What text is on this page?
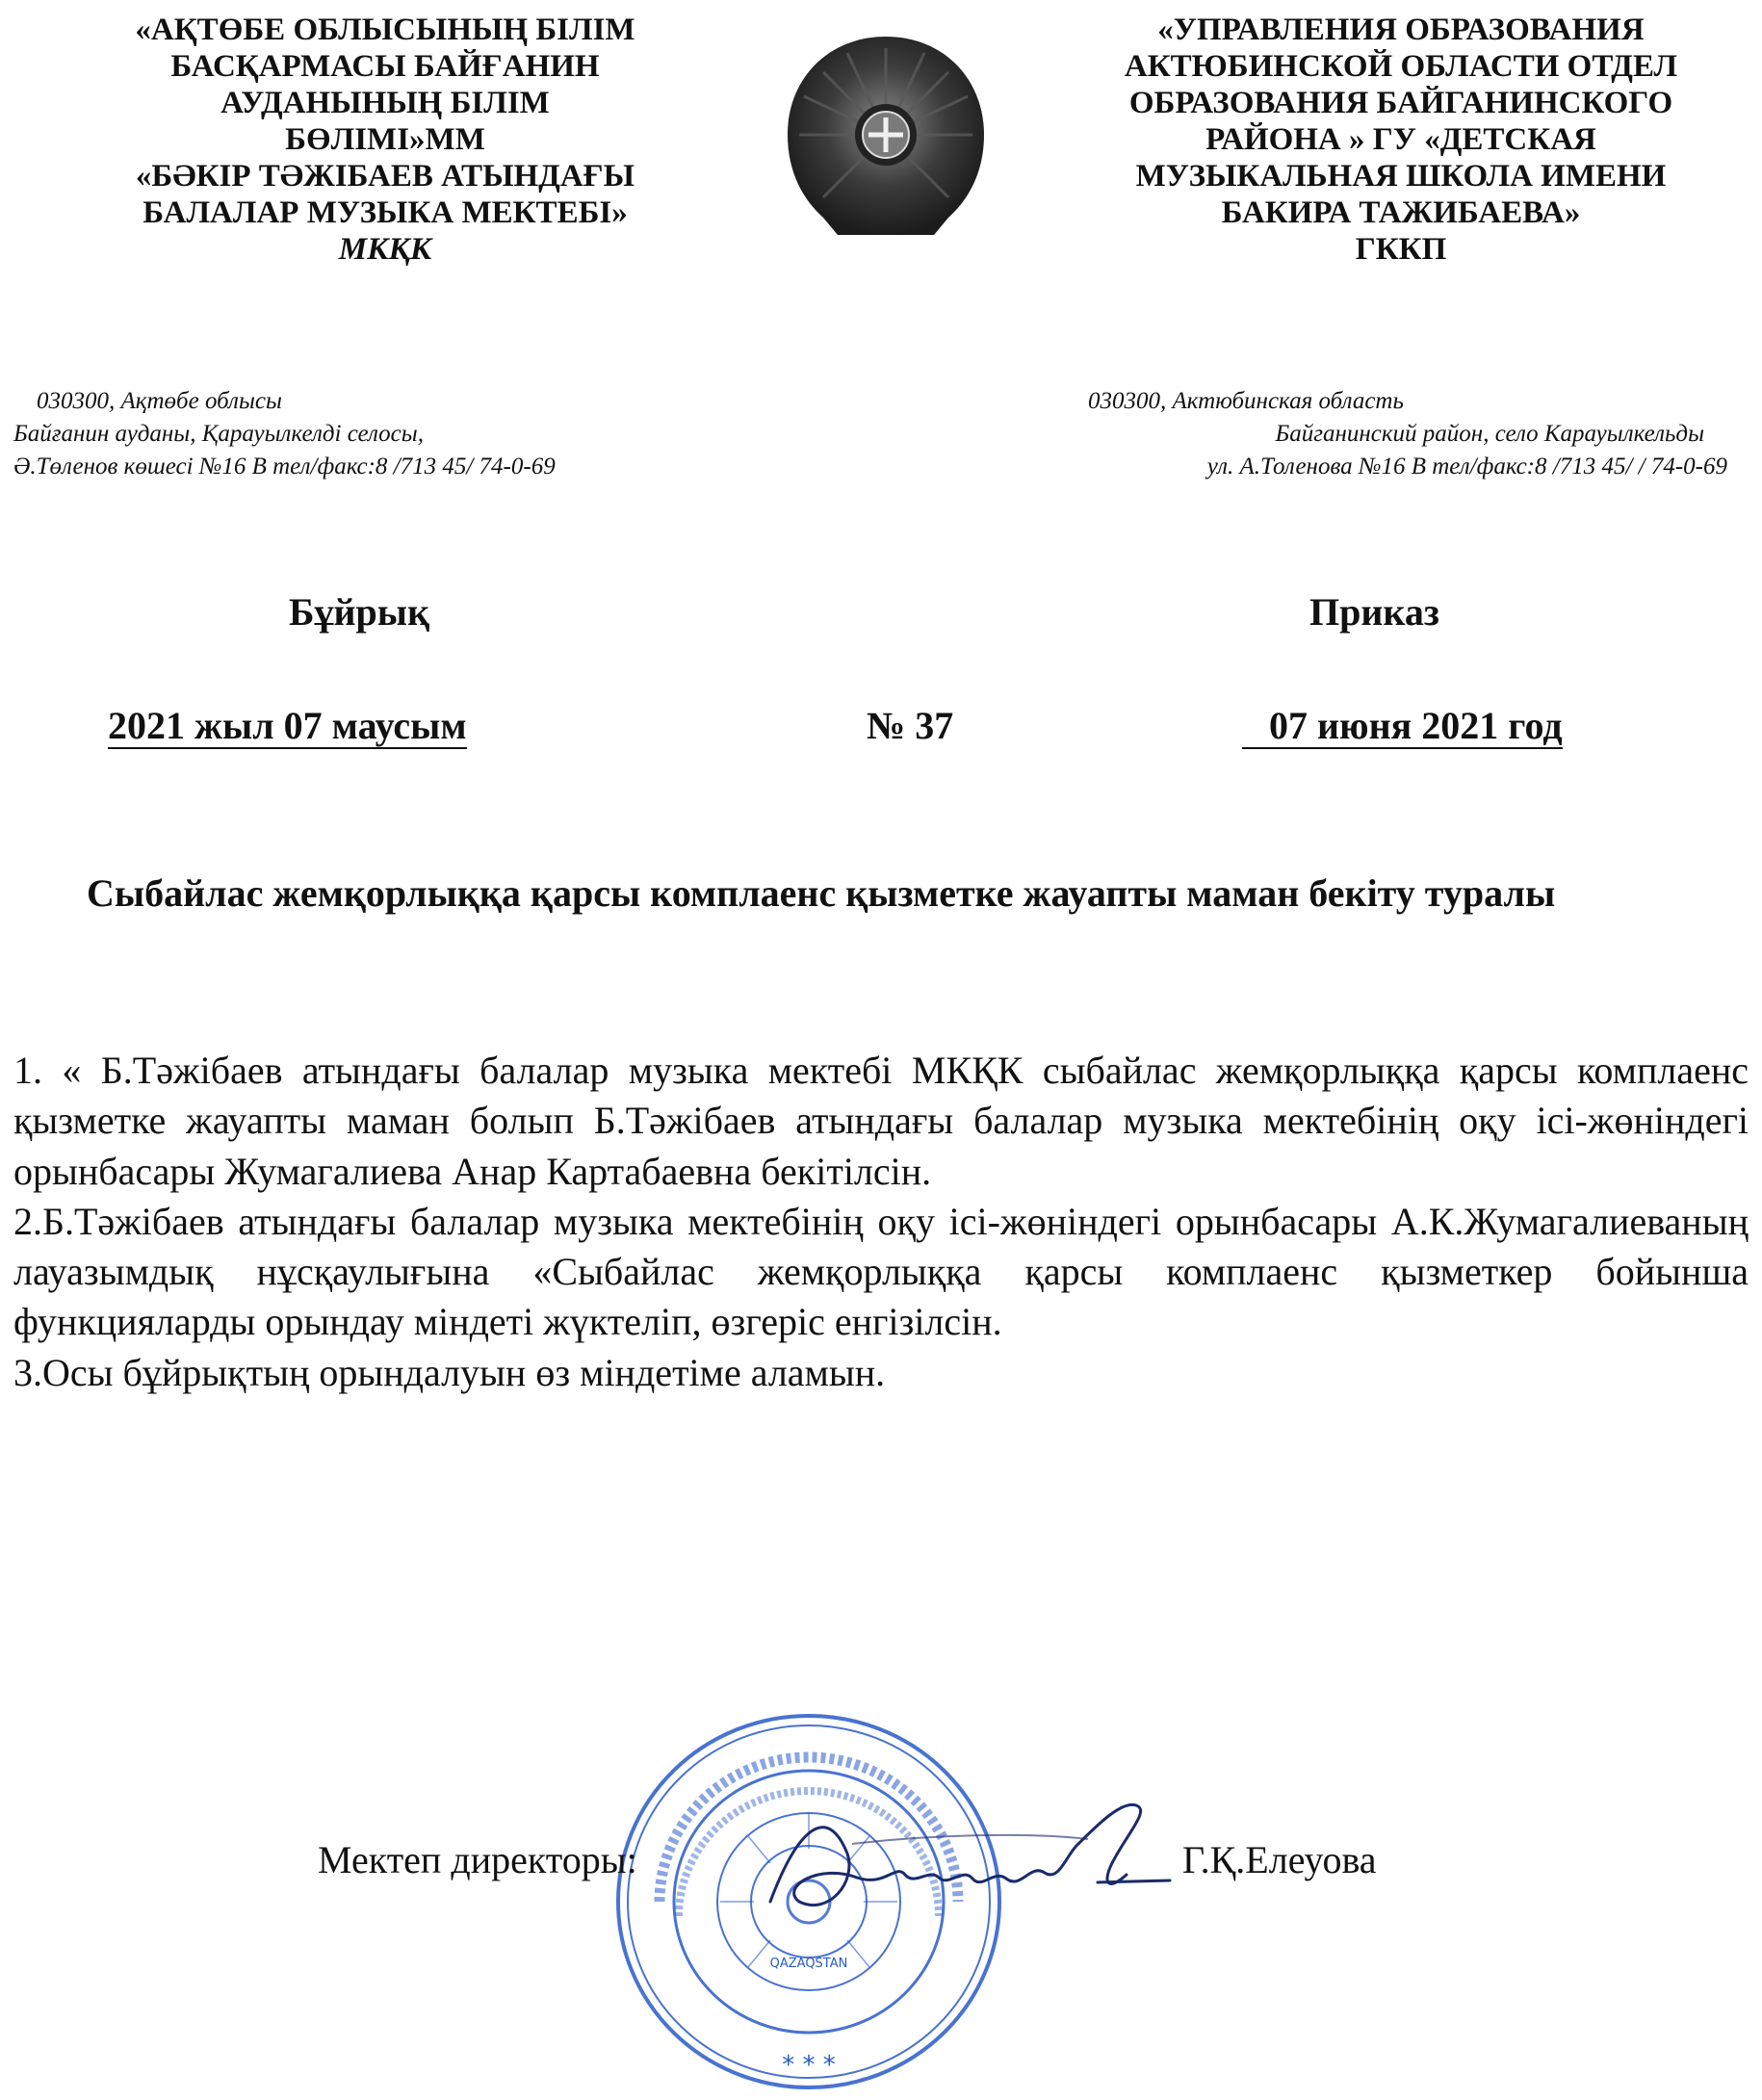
«АҚТӨБЕ ОБЛЫСЫНЫҢ БІЛІМ
БАСҚАРМАСЫ БАЙҒАНИН
АУДАНЫНЫҢ БІЛІМ
БӨЛІМІ»ММ
«БӘКІР ТӘЖІБАЕВ АТЫНДАҒЫ
БАЛАЛАР МУЗЫКА МЕКТЕБІ»
МКҚК
«УПРАВЛЕНИЯ ОБРАЗОВАНИЯ
АКТЮБИНСКОЙ ОБЛАСТИ ОТДЕЛ
ОБРАЗОВАНИЯ БАЙГАНИНСКОГО
РАЙОНА » ГУ «ДЕТСКАЯ
МУЗЫКАЛЬНАЯ ШКОЛА ИМЕНИ
БАКИРА ТАЖИБАЕВА»
ГККП
030300, Ақтөбе облысы
Байғанин ауданы, Қарауылкелді селосы,
Ә.Төленов көшесі №16 В тел/факс:8 /713 45/ 74-0-69
030300, Актюбинская область
Байганинский район, село Карауылкельды
ул. А.Толенова №16 В тел/факс:8 /713 45/ / 74-0-69
Бұйрық	Приказ
2021 жыл 07 маусым	№ 37	07 июня 2021 год
Сыбайлас жемқорлыққа қарсы комплаенс қызметке жауапты маман бекіту туралы

1. « Б.Тәжібаев атындағы балалар музыка мектебі МКҚК сыбайлас жемқорлыққа қарсы комплаенс қызметке жауапты маман болып Б.Тәжібаев атындағы балалар музыка мектебінің оқу ісі-жөніндегі орынбасары Жумагалиева Анар Картабаевна бекітілсін.

2.Б.Тәжібаев атындағы балалар музыка мектебінің оқу ісі-жөніндегі орынбасары А.К.Жумагалиеваның лауазымдық нұсқаулығына «Сыбайлас жемқорлыққа қарсы комплаенс қызметкер бойынша функцияларды орындау міндеті жүктеліп, өзгеріс енгізілсін.

3.Осы бұйрықтың орындалуын өз міндетіме аламын.

QAZAQSTAN
* * *
Мектеп директоры:	Г.Қ.Елеуова
